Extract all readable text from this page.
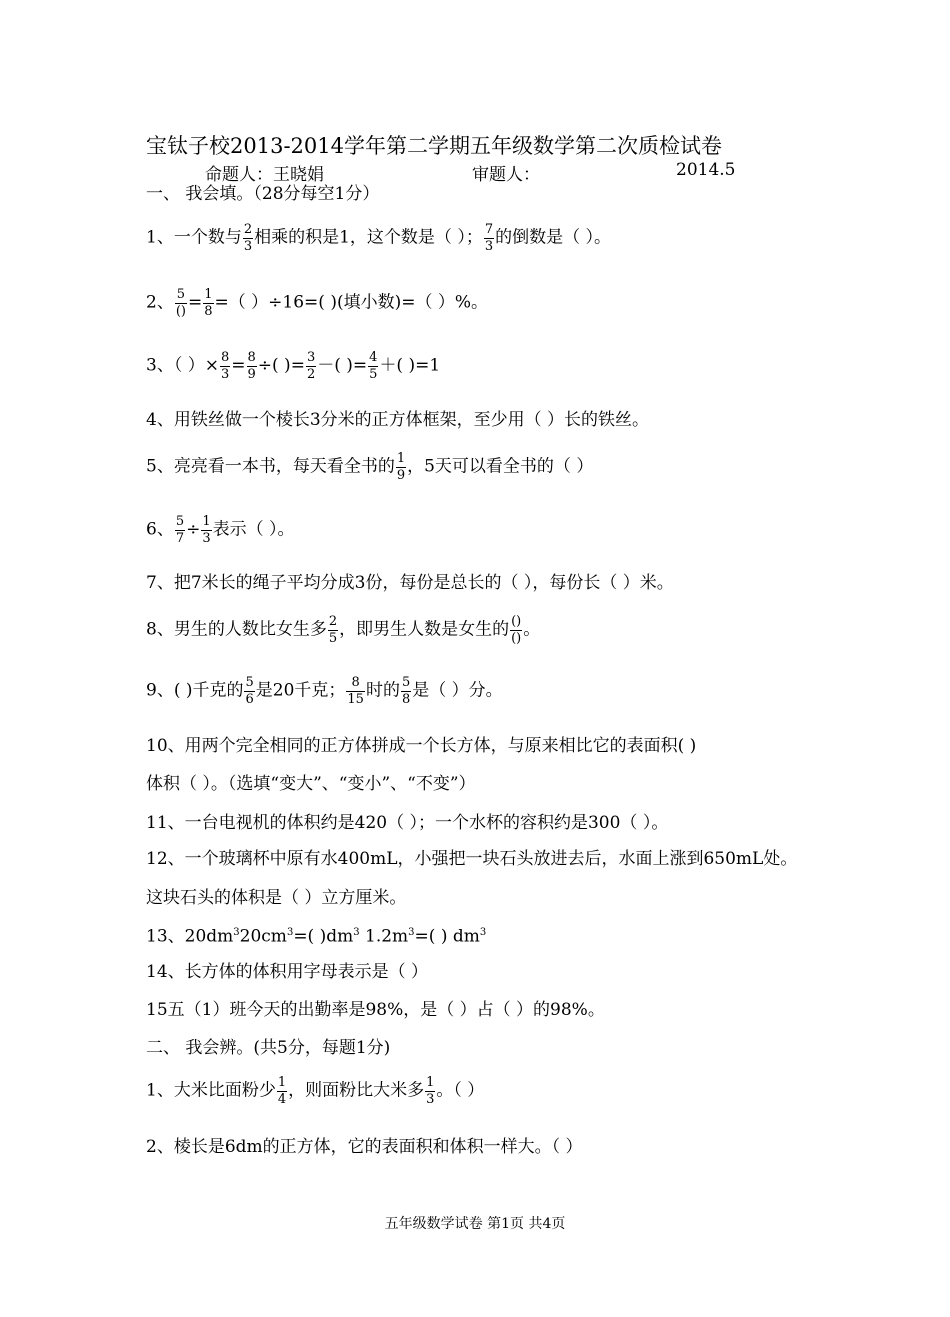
宝钛子校2013-2014学年第二学期五年级数学第二次质检试卷
命题人：王晓娟	审题人：	2014.5
一、 我会填。（28分每空1分）
1、一个数与 $\frac{2}{3}$ 相乘的积是1，这个数是（ ）； $\frac{7}{3}$ 的倒数是（ ）。
2、 $\frac{5}{()} = \frac{1}{8}$ =（ ）÷16=( )(填小数)=（ ）%。
3、（ ）× $\frac{8}{3} = \frac{8}{9}$ ÷( )= $\frac{3}{2}$ －( )= $\frac{4}{5}$ ＋( )=1
4、用铁丝做一个棱长3分米的正方体框架，至少用（ ）长的铁丝。
5、亮亮看一本书，每天看全书的 $\frac{1}{9}$ ，5天可以看全书的（ ）
6、 $\frac{5}{7} \div \frac{1}{3}$ 表示（ ）。
7、把7米长的绳子平均分成3份，每份是总长的（ ），每份长（ ）米。
8、男生的人数比女生多 $\frac{2}{5}$ ，即男生人数是女生的 $\frac{()}{()}$ 。
9、( )千克的 $\frac{5}{6}$ 是20千克； $\frac{8}{15}$ 时的 $\frac{5}{8}$ 是（ ）分。
10、用两个完全相同的正方体拼成一个长方体，与原来相比它的表面积( )
体积（ ）。（选填“变大”、“变小”、“不变”）
11、一台电视机的体积约是420（ ）；一个水杯的容积约是300（ ）。
12、一个玻璃杯中原有水400mL，小强把一块石头放进去后，水面上涨到650mL处。
这块石头的体积是（ ）立方厘米。
13、$20dm^320cm^3=$( )$dm^3$ $1.2m^3=$( ) $dm^3$
14、长方体的体积用字母表示是（ ）
15五（1）班今天的出勤率是98%，是（ ）占（ ）的98%。
二、 我会辨。(共5分，每题1分)
1、大米比面粉少 $\frac{1}{4}$ ，则面粉比大米多 $\frac{1}{3}$ 。（ ）
2、棱长是6dm的正方体，它的表面积和体积一样大。（ ）
五年级数学试卷 第1页 共4页
